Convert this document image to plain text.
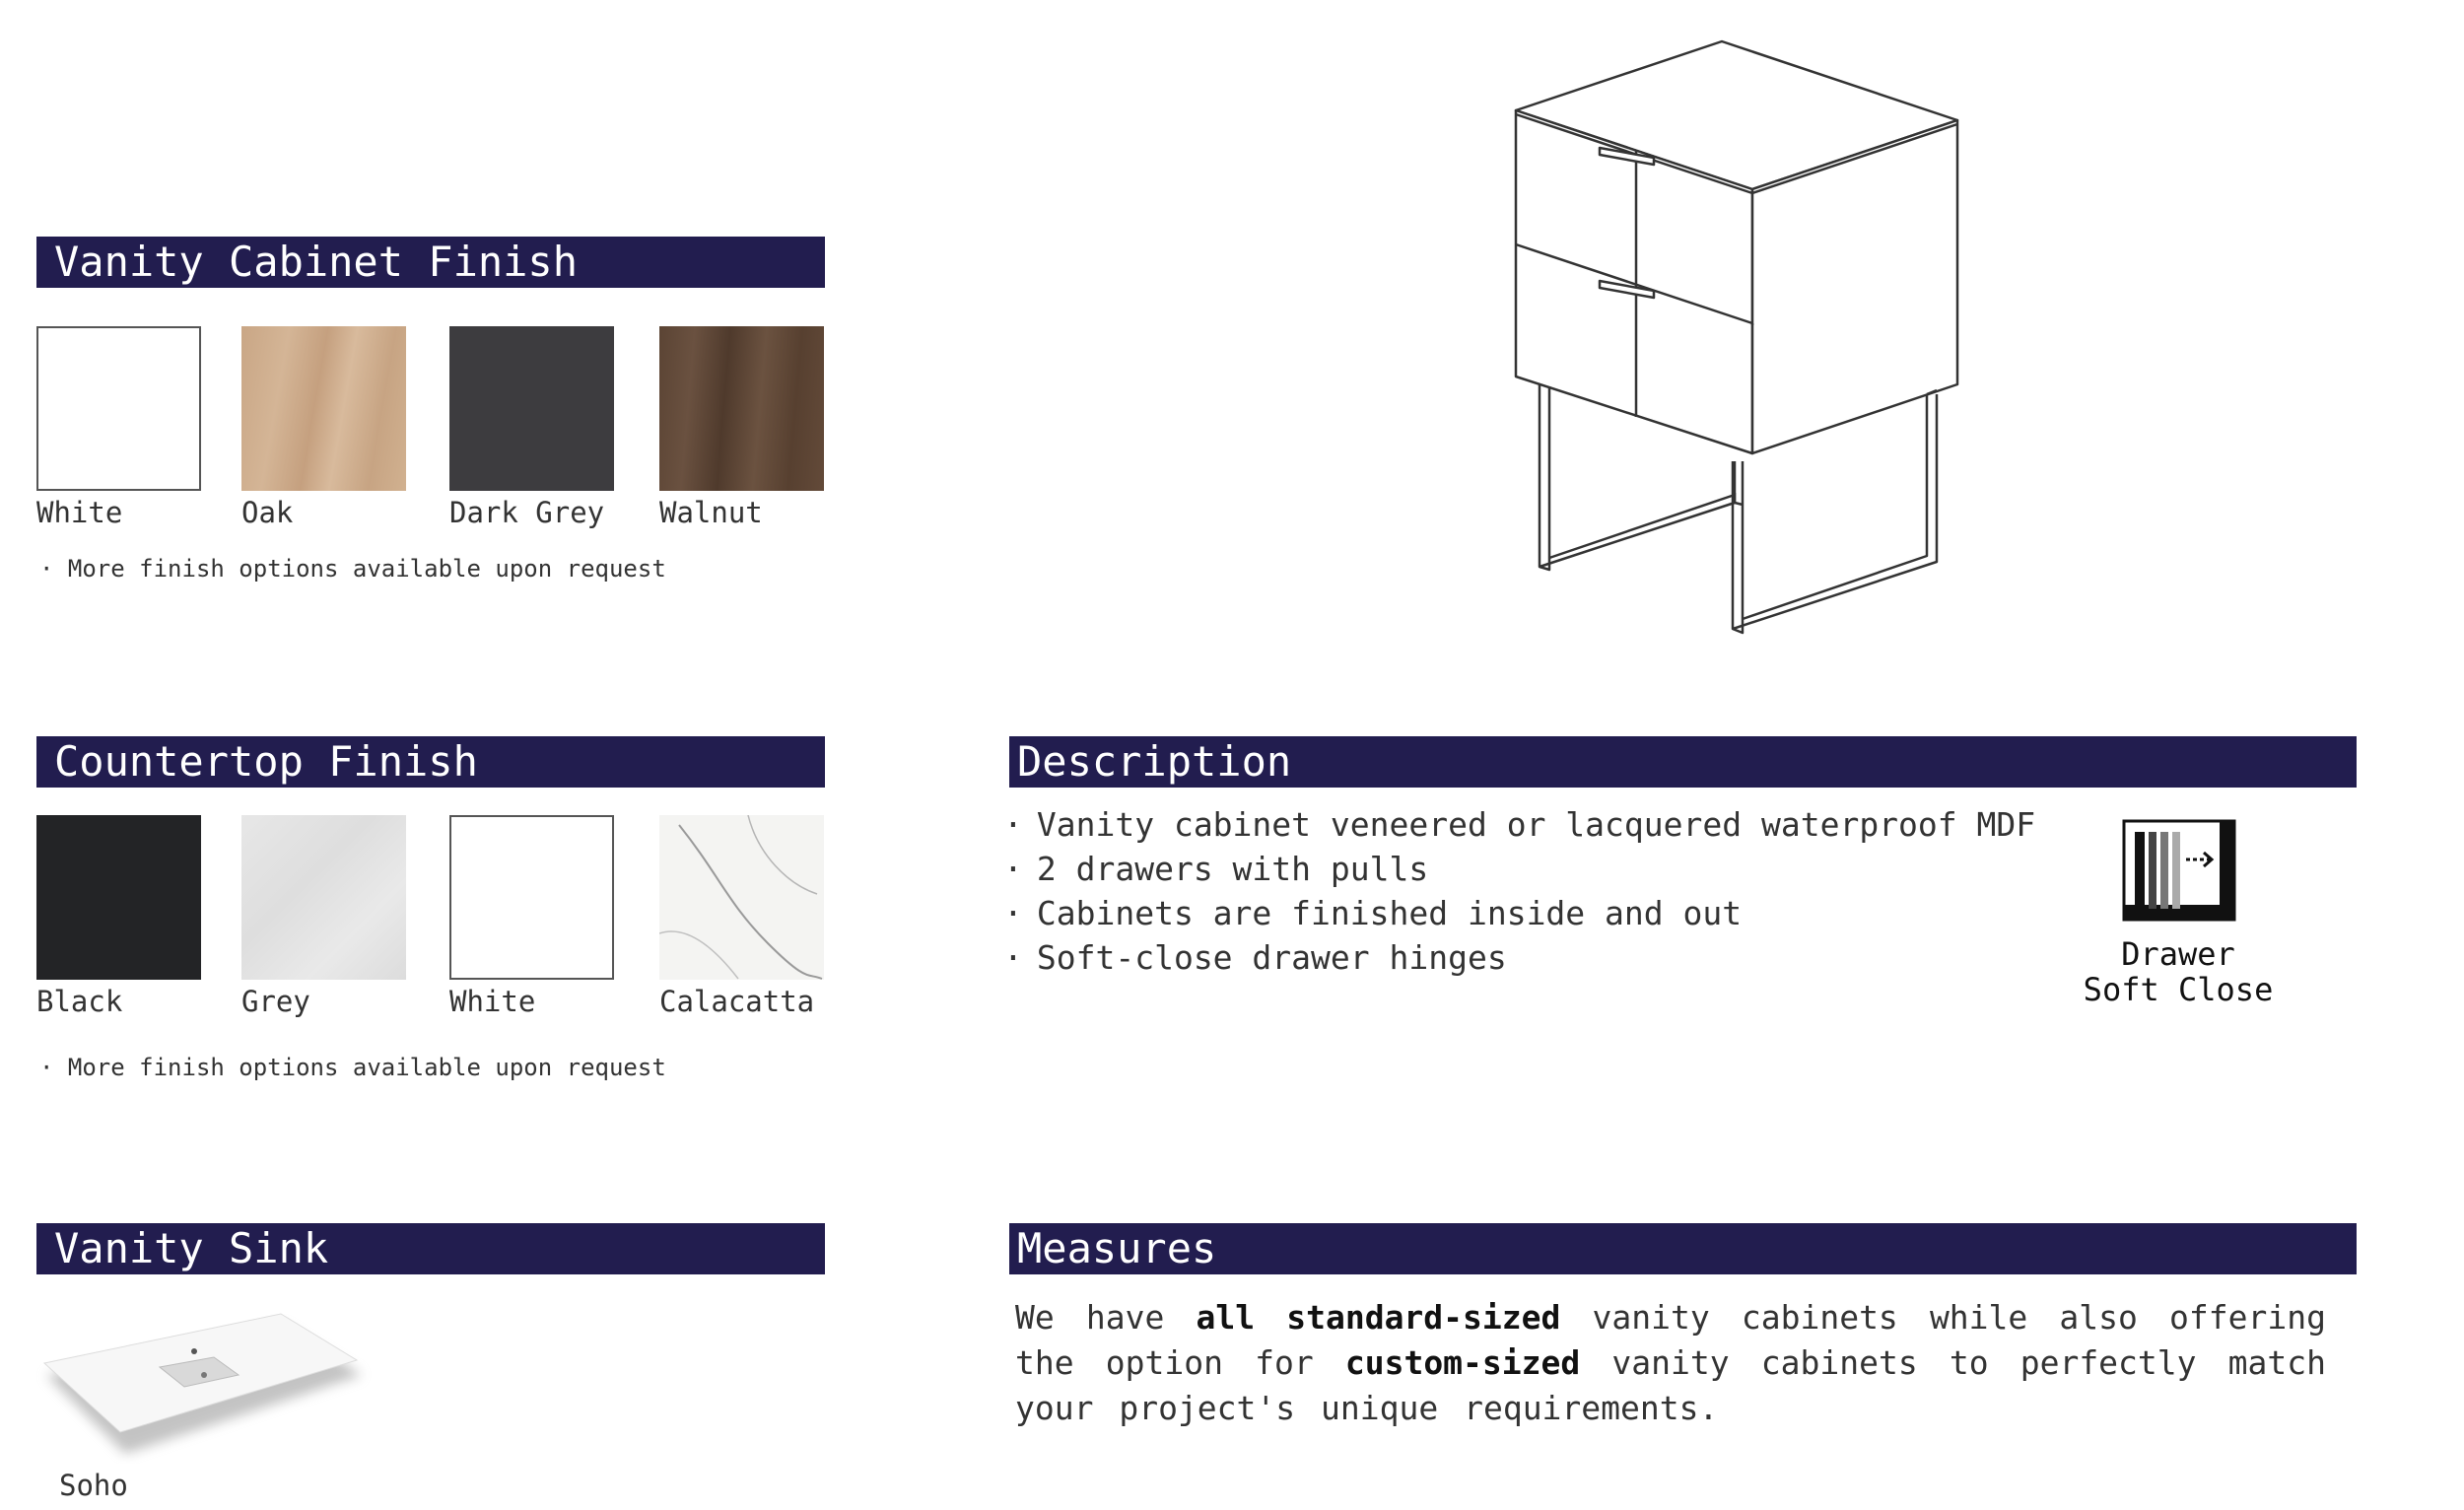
Vanity Cabinet Finish
White	Oak	Dark Grey Walnut
· More finish options available upon request
Countertop Finish
Black	Grey	White	Calacatta
· More finish options available upon request
Vanity Sink
Soho
Description
· Vanity cabinet veneered or lacquered waterproof MDF
· 2 drawers with pulls
· Cabinets are finished inside and out
· Soft-close drawer hinges	Drawer
Soft Close
Measures
We have all standard-sized vanity cabinets while also offering the option for custom-sized vanity cabinets to perfectly match your project's unique requirements.
